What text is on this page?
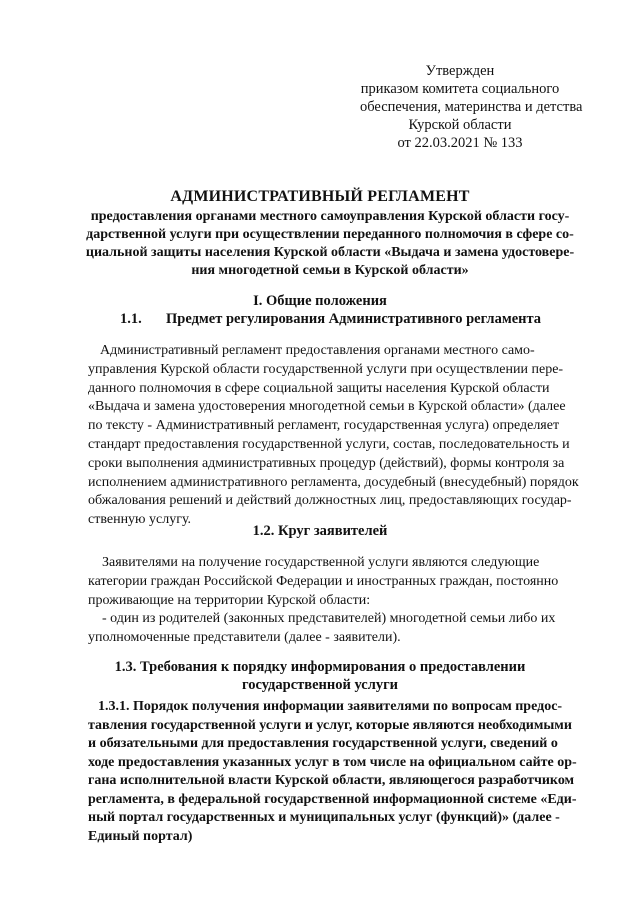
Утвержден
приказом комитета социального
обеспечения, материнства и детства
Курской области
от 22.03.2021 № 133
АДМИНИСТРАТИВНЫЙ РЕГЛАМЕНТ
предоставления органами местного самоуправления Курской области госу-
дарственной услуги при осуществлении переданного полномочия в сфере со-
циальной защиты населения Курской области «Выдача и замена удостовере-
ния многодетной семьи в Курской области»
I. Общие положения
1.1. Предмет регулирования Административного регламента
Административный регламент предоставления органами местного само-
управления Курской области государственной услуги при осуществлении пере-
данного полномочия в сфере социальной защиты населения Курской области
«Выдача и замена удостоверения многодетной семьи в Курской области» (далее
по тексту - Административный регламент, государственная услуга) определяет
стандарт предоставления государственной услуги, состав, последовательность и
сроки выполнения административных процедур (действий), формы контроля за
исполнением административного регламента, досудебный (внесудебный) порядок
обжалования решений и действий должностных лиц, предоставляющих государ-
ственную услугу.
1.2. Круг заявителей
Заявителями на получение государственной услуги являются следующие
категории граждан Российской Федерации и иностранных граждан, постоянно
проживающие на территории Курской области:
- один из родителей (законных представителей) многодетной семьи либо их
уполномоченные представители (далее - заявители).
1.3. Требования к порядку информирования о предоставлении
государственной услуги
1.3.1. Порядок получения информации заявителями по вопросам предос-
тавления государственной услуги и услуг, которые являются необходимыми
и обязательными для предоставления государственной услуги, сведений о
ходе предоставления указанных услуг в том числе на официальном сайте ор-
гана исполнительной власти Курской области, являющегося разработчиком
регламента, в федеральной государственной информационной системе «Еди-
ный портал государственных и муниципальных услуг (функций)» (далее -
Единый портал)
